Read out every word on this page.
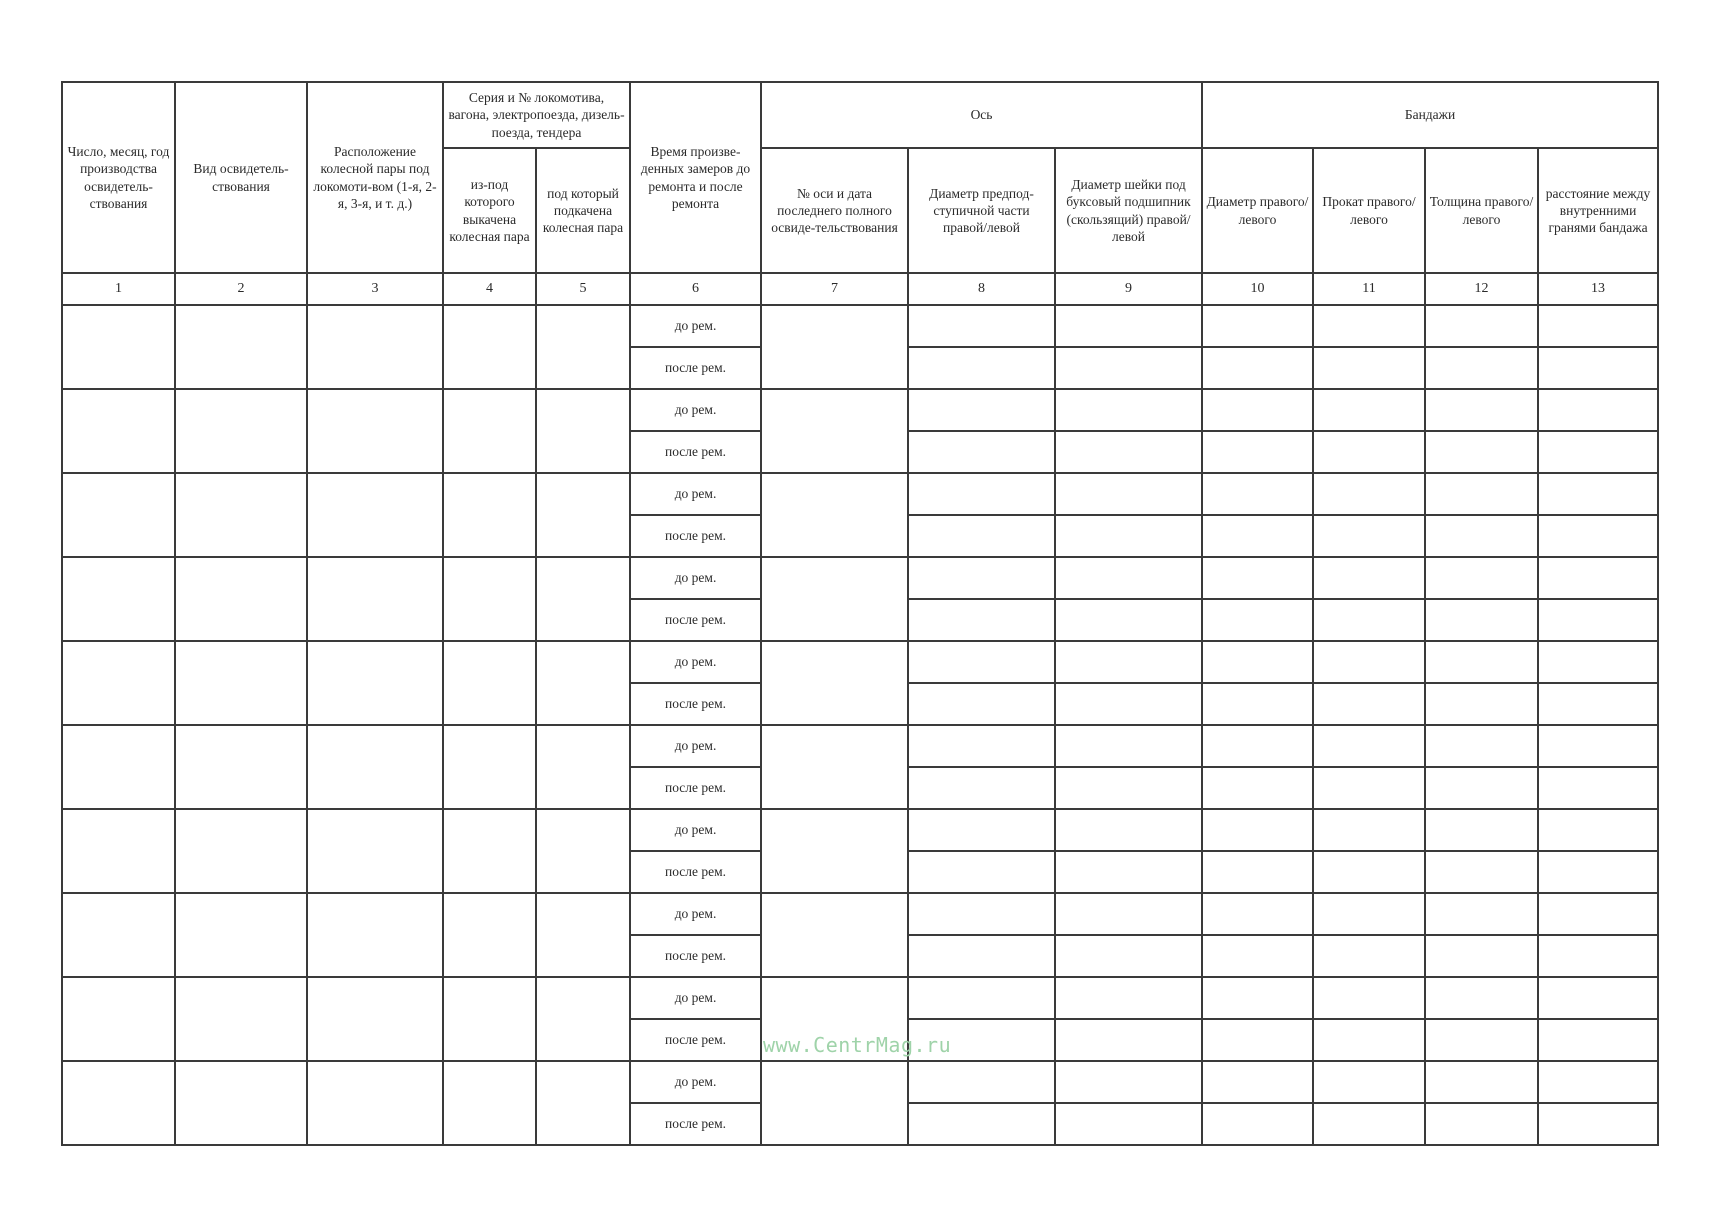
Число, месяц, год производства освидетель-ствования	Вид освидетель-ствования	Расположение колесной пары под локомоти-вом (1-я, 2-я, 3-я, и т. д.)	Серия и № локомотива, вагона, электропоезда, дизель-поезда, тендера		Время произве-денных замеров до ремонта и после ремонта	Ось			Бандажи			
			из-под которого выкачена колесная пара	под который подкачена колесная пара		№ оси и дата последнего полного освиде-тельствования	Диаметр предпод-ступичной части правой/левой	Диаметр шейки под буксовый подшипник (скользящий) правой/левой	Диаметр правого/ левого	Прокат правого/ левого	Толщина правого/ левого	расстояние между внутренними гранями бандажа
1	2	3	4	5	6	7	8	9	10	11	12	13
					до рем.							
					после рем.							
					до рем.							
					после рем.							
					до рем.							
					после рем.							
					до рем.							
					после рем.							
					до рем.							
					после рем.							
					до рем.							
					после рем.							
					до рем.							
					после рем.							
					до рем.							
					после рем.							
					до рем.							
					после рем.							
					до рем.							
					после рем.							
www.CentrMag.ru
